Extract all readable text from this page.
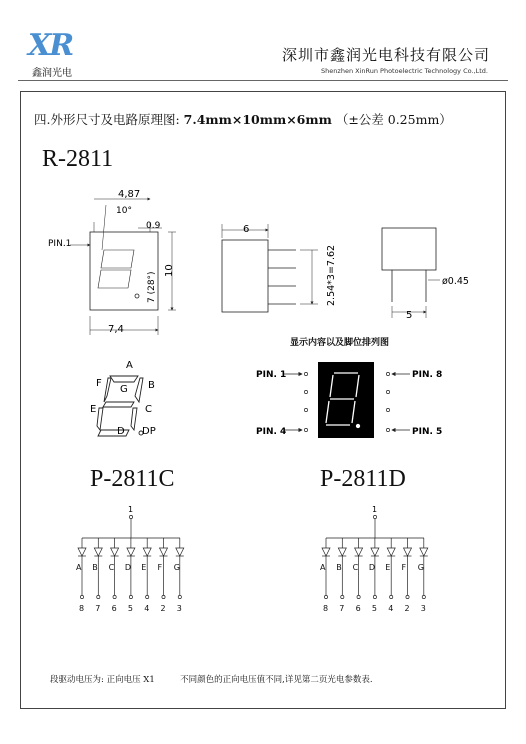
XR
鑫润光电
深圳市鑫润光电科技有限公司
Shenzhen XinRun Photoelectric Technology Co.,Ltd.
四.外形尺寸及电路原理图: 7.4mm×10mm×6mm （±公差 0.25mm）
R-2811
4,87
10°
0.9
PIN.1
7 (28°)
10
7,4
6
2.54*3=7.62	ø0.45
5
A
B
C
D
E
F
G
DP
PIN. 1
PIN. 4
PIN. 8
PIN. 5
1	1
A
8
B
7
C
6
D
5
E
4
F
2
G
3
A
8
B
7
C
6
D
5
E
4
F
2
G
3
显示内容以及脚位排列图
P-2811C	P-2811D
段驱动电压为: 正向电压 X1	不同颜色的正向电压值不同,详见第二页光电参数表.
